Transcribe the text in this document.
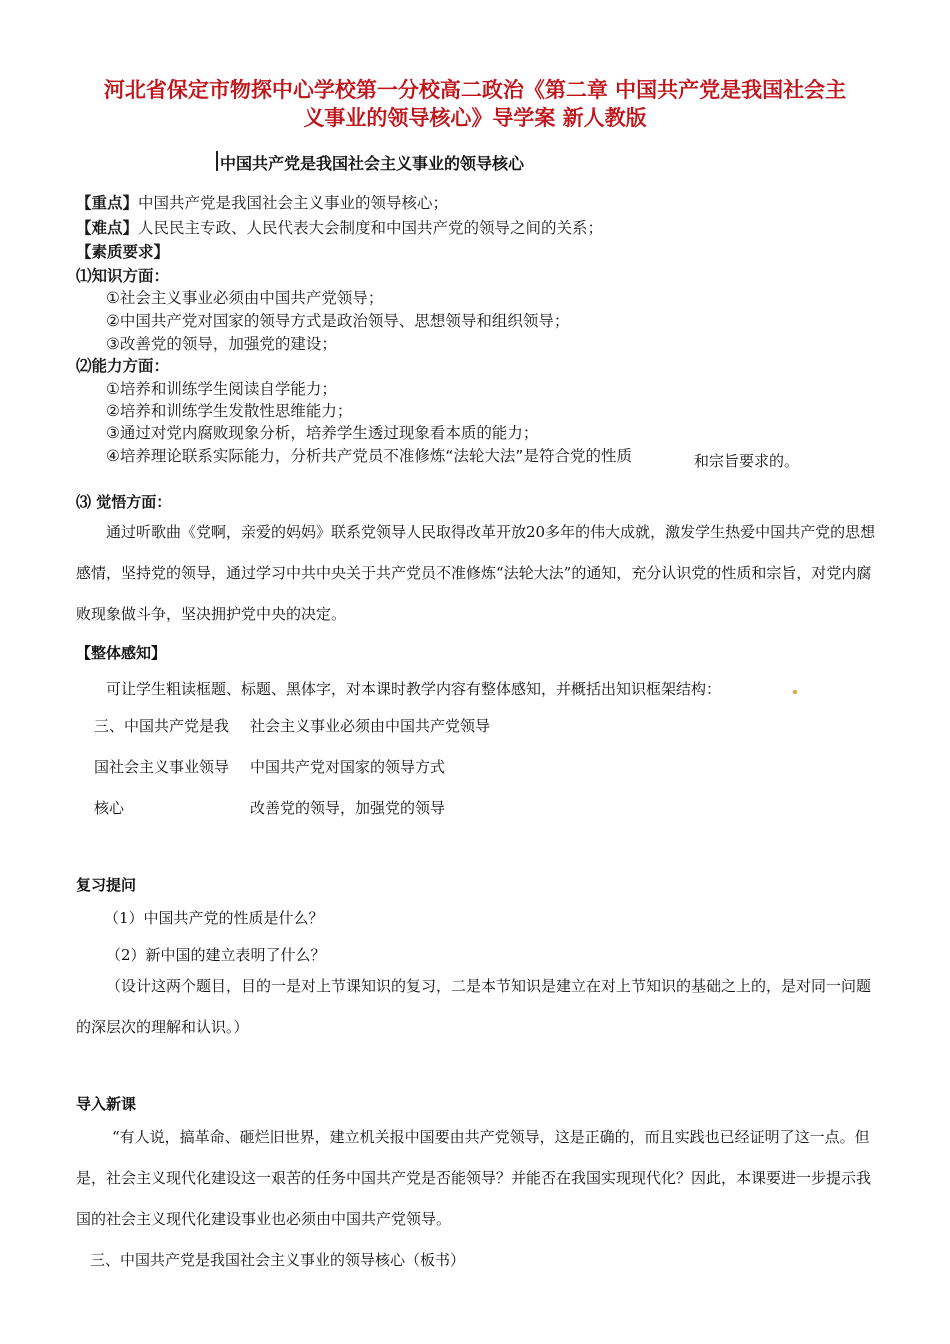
河北省保定市物探中心学校第一分校高二政治《第二章 中国共产党是我国社会主
义事业的领导核心》导学案 新人教版
中国共产党是我国社会主义事业的领导核心
【重点】中国共产党是我国社会主义事业的领导核心；
【难点】人民民主专政、人民代表大会制度和中国共产党的领导之间的关系；
【素质要求】
⑴知识方面：
①社会主义事业必须由中国共产党领导；
②中国共产党对国家的领导方式是政治领导、思想领导和组织领导；
③改善党的领导，加强党的建设；
⑵能力方面：
①培养和训练学生阅读自学能力；
②培养和训练学生发散性思维能力；
③通过对党内腐败现象分析，培养学生透过现象看本质的能力；
④培养理论联系实际能力，分析共产党员不准修炼“法轮大法”是符合党的性质	和宗旨要求的。
⑶ 觉悟方面：
通过听歌曲《党啊，亲爱的妈妈》联系党领导人民取得改革开放20多年的伟大成就，激发学生热爱中国共产党的思想感情，坚持党的领导，通过学习中共中央关于共产党员不准修炼“法轮大法”的通知，充分认识党的性质和宗旨，对党内腐败现象做斗争，坚决拥护党中央的决定。
【整体感知】
可让学生粗读框题、标题、黑体字，对本课时教学内容有整体感知，并概括出知识框架结构：
三、中国共产党是我
国社会主义事业领导
核心
社会主义事业必须由中国共产党领导
中国共产党对国家的领导方式
改善党的领导，加强党的领导
复习提问
（1）中国共产党的性质是什么？
（2）新中国的建立表明了什么？
（设计这两个题目，目的一是对上节课知识的复习，二是本节知识是建立在对上节知识的基础之上的，是对同一问题的深层次的理解和认识。）
导入新课
“有人说，搞革命、砸烂旧世界，建立机关报中国要由共产党领导，这是正确的，而且实践也已经证明了这一点。但是，社会主义现代化建设这一艰苦的任务中国共产党是否能领导？并能否在我国实现现代化？因此，本课要进一步提示我国的社会主义现代化建设事业也必须由中国共产党领导。
三、中国共产党是我国社会主义事业的领导核心（板书）
